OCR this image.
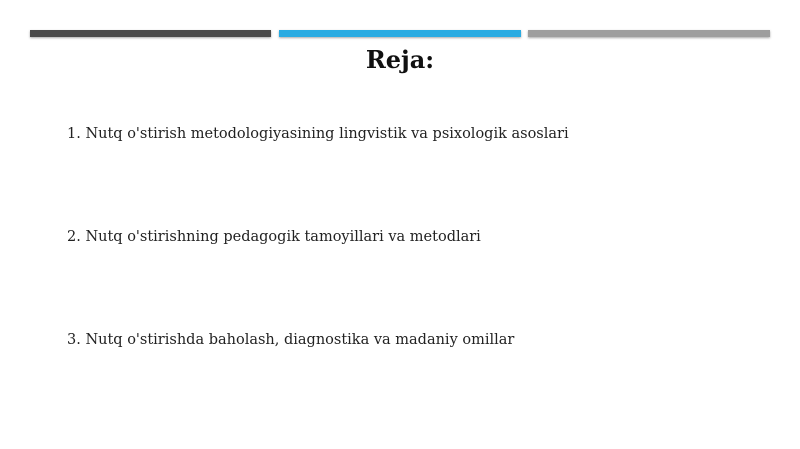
Reja:
1. Nutq o'stirish metodologiyasining lingvistik va psixologik asoslari
2. Nutq o'stirishning pedagogik tamoyillari va metodlari
3. Nutq o'stirishda baholash, diagnostika va madaniy omillar
